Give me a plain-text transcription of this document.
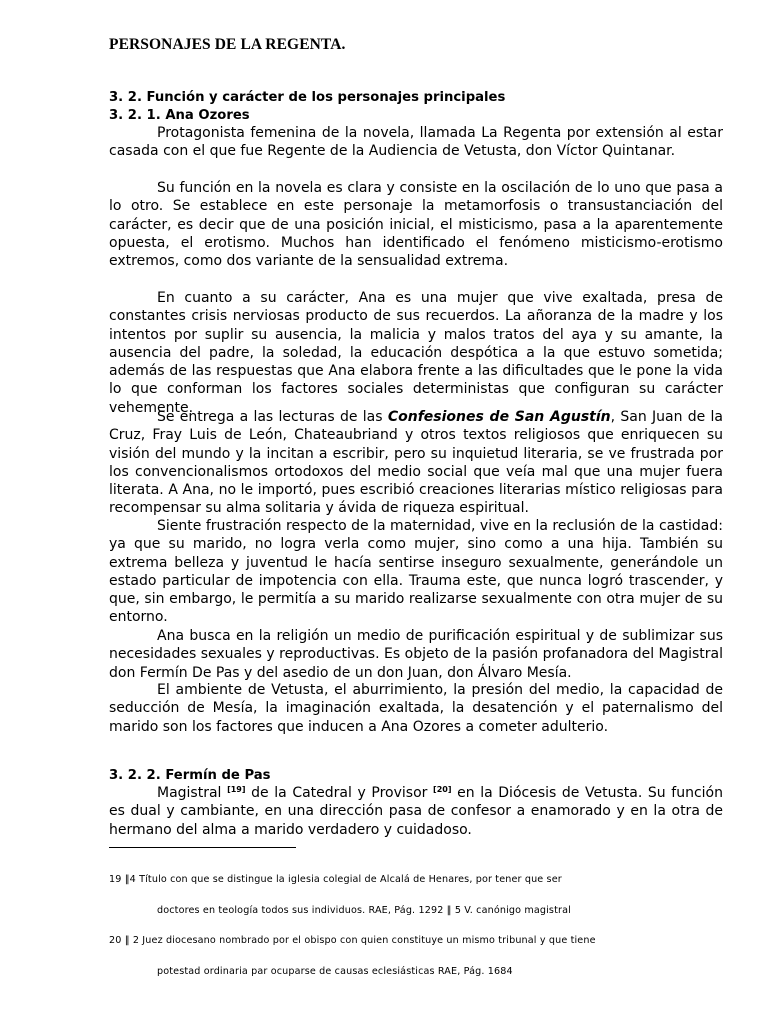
PERSONAJES DE LA REGENTA.
3. 2. Función y carácter de los personajes principales
3. 2. 1. Ana Ozores

Protagonista femenina de la novela, llamada La Regenta por extensión al estar casada con el que fue Regente de la Audiencia de Vetusta, don Víctor Quintanar.

Su función en la novela es clara y consiste en la oscilación de lo uno que pasa a lo otro. Se establece en este personaje la metamorfosis o transustanciación del carácter, es decir que de una posición inicial, el misticismo, pasa a la aparentemente opuesta, el erotismo. Muchos han identificado el fenómeno misticismo-erotismo extremos, como dos variante de la sensualidad extrema.

En cuanto a su carácter, Ana es una mujer que vive exaltada, presa de constantes crisis nerviosas producto de sus recuerdos. La añoranza de la madre y los intentos por suplir su ausencia, la malicia y malos tratos del aya y su amante, la ausencia del padre, la soledad, la educación despótica a la que estuvo sometida; además de las respuestas que Ana elabora frente a las dificultades que le pone la vida lo que conforman los factores sociales deterministas que configuran su carácter vehemente.

Se entrega a las lecturas de las Confesiones de San Agustín, San Juan de la Cruz, Fray Luis de León, Chateaubriand y otros textos religiosos que enriquecen su visión del mundo y la incitan a escribir, pero su inquietud literaria, se ve frustrada por los convencionalismos ortodoxos del medio social que veía mal que una mujer fuera literata. A Ana, no le importó, pues escribió creaciones literarias místico religiosas para recompensar su alma solitaria y ávida de riqueza espiritual.

Siente frustración respecto de la maternidad, vive en la reclusión de la castidad: ya que su marido, no logra verla como mujer, sino como a una hija. También su extrema belleza y juventud le hacía sentirse inseguro sexualmente, generándole un estado particular de impotencia con ella. Trauma este, que nunca logró trascender, y que, sin embargo, le permitía a su marido realizarse sexualmente con otra mujer de su entorno.

Ana busca en la religión un medio de purificación espiritual y de sublimizar sus necesidades sexuales y reproductivas. Es objeto de la pasión profanadora del Magistral don Fermín De Pas y del asedio de un don Juan, don Álvaro Mesía.

El ambiente de Vetusta, el aburrimiento, la presión del medio, la capacidad de seducción de Mesía, la imaginación exaltada, la desatención y el paternalismo del marido son los factores que inducen a Ana Ozores a cometer adulterio.

3. 2. 2. Fermín de Pas

Magistral [19] de la Catedral y Provisor [20] en la Diócesis de Vetusta. Su función es dual y cambiante, en una dirección pasa de confesor a enamorado y en la otra de hermano del alma a marido verdadero y cuidadoso.

19 ‖4 Título con que se distingue la iglesia colegial de Alcalá de Henares, por tener que ser
doctores en teología todos sus individuos. RAE, Pág. 1292 ‖ 5 V. canónigo magistral
20 ‖ 2 Juez diocesano nombrado por el obispo con quien constituye un mismo tribunal y que tiene
potestad ordinaria par ocuparse de causas eclesiásticas RAE, Pág. 1684
